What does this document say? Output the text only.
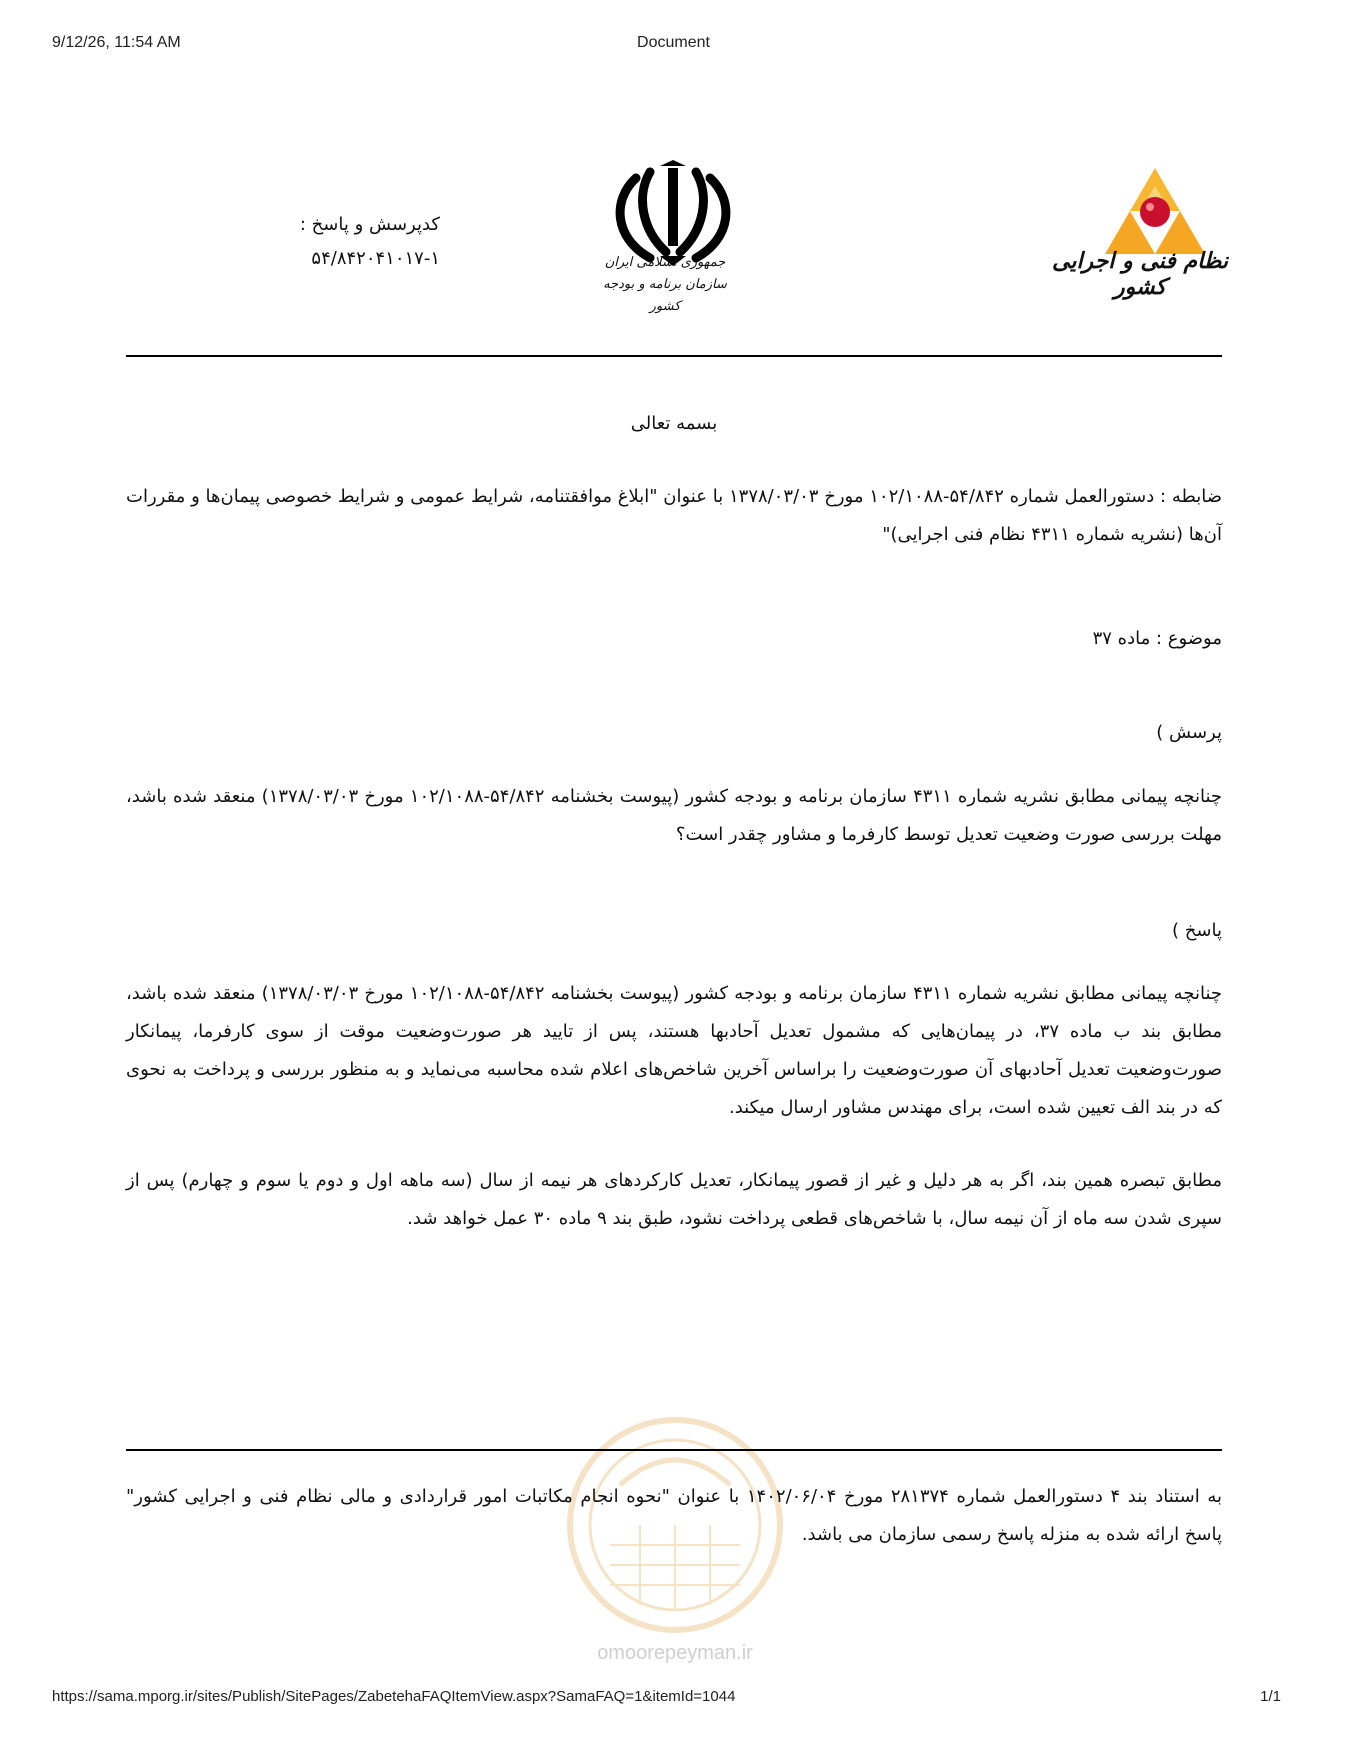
9/12/26, 11:54 AM	Document
کدپرسش و پاسخ :
۵۴/۸۴۲۰۴۱۰۱۷-۱	جمهوری اسلامی ایران
سازمان برنامه و بودجه کشور
نظام فنی و اجرایی کشور
بسمه تعالی
ضابطه : دستورالعمل شماره ۵۴/۸۴۲-۱۰۲/۱۰۸۸ مورخ ۱۳۷۸/۰۳/۰۳ با عنوان "ابلاغ موافقتنامه، شرایط عمومی و شرایط خصوصی پیمان‌ها و مقررات آن‌ها (نشریه شماره ۴۳۱۱ نظام فنی اجرایی)"
موضوع : ماده ۳۷
پرسش )
چنانچه پیمانی مطابق نشریه شماره ۴۳۱۱ سازمان برنامه و بودجه کشور (پیوست بخشنامه ۵۴/۸۴۲-۱۰۲/۱۰۸۸ مورخ ۱۳۷۸/۰۳/۰۳) منعقد شده باشد، مهلت بررسی صورت وضعیت تعدیل توسط کارفرما و مشاور چقدر است؟
پاسخ )
چنانچه پیمانی مطابق نشریه شماره ۴۳۱۱ سازمان برنامه و بودجه کشور (پیوست بخشنامه ۵۴/۸۴۲-۱۰۲/۱۰۸۸ مورخ ۱۳۷۸/۰۳/۰۳) منعقد شده باشد، مطابق بند ب ماده ۳۷، در پیمان‌هایی که مشمول تعدیل آحادبها هستند، پس از تایید هر صورت‌وضعیت موقت از سوی کارفرما، پیمانکار صورت‌وضعیت تعدیل آحادبهای آن صورت‌وضعیت را براساس آخرین شاخص‌های اعلام شده محاسبه می‌نماید و به منظور بررسی و پرداخت به نحوی که در بند الف تعیین شده است، برای مهندس مشاور ارسال میکند.
مطابق تبصره همین بند، اگر به هر دلیل و غیر از قصور پیمانکار، تعدیل کارکردهای هر نیمه از سال (سه ماهه اول و دوم یا سوم و چهارم) پس از سپری شدن سه ماه از آن نیمه سال، با شاخص‌های قطعی پرداخت نشود، طبق بند ۹ ماده ۳۰ عمل خواهد شد.
omoorepeyman.ir
به استناد بند ۴ دستورالعمل شماره ۲۸۱۳۷۴ مورخ ۱۴۰۲/۰۶/۰۴ با عنوان "نحوه انجام مکاتبات امور قراردادی و مالی نظام فنی و اجرایی کشور" پاسخ ارائه شده به منزله پاسخ رسمی سازمان می باشد.
https://sama.mporg.ir/sites/Publish/SitePages/ZabetehaFAQItemView.aspx?SamaFAQ=1&itemId=1044	1/1
